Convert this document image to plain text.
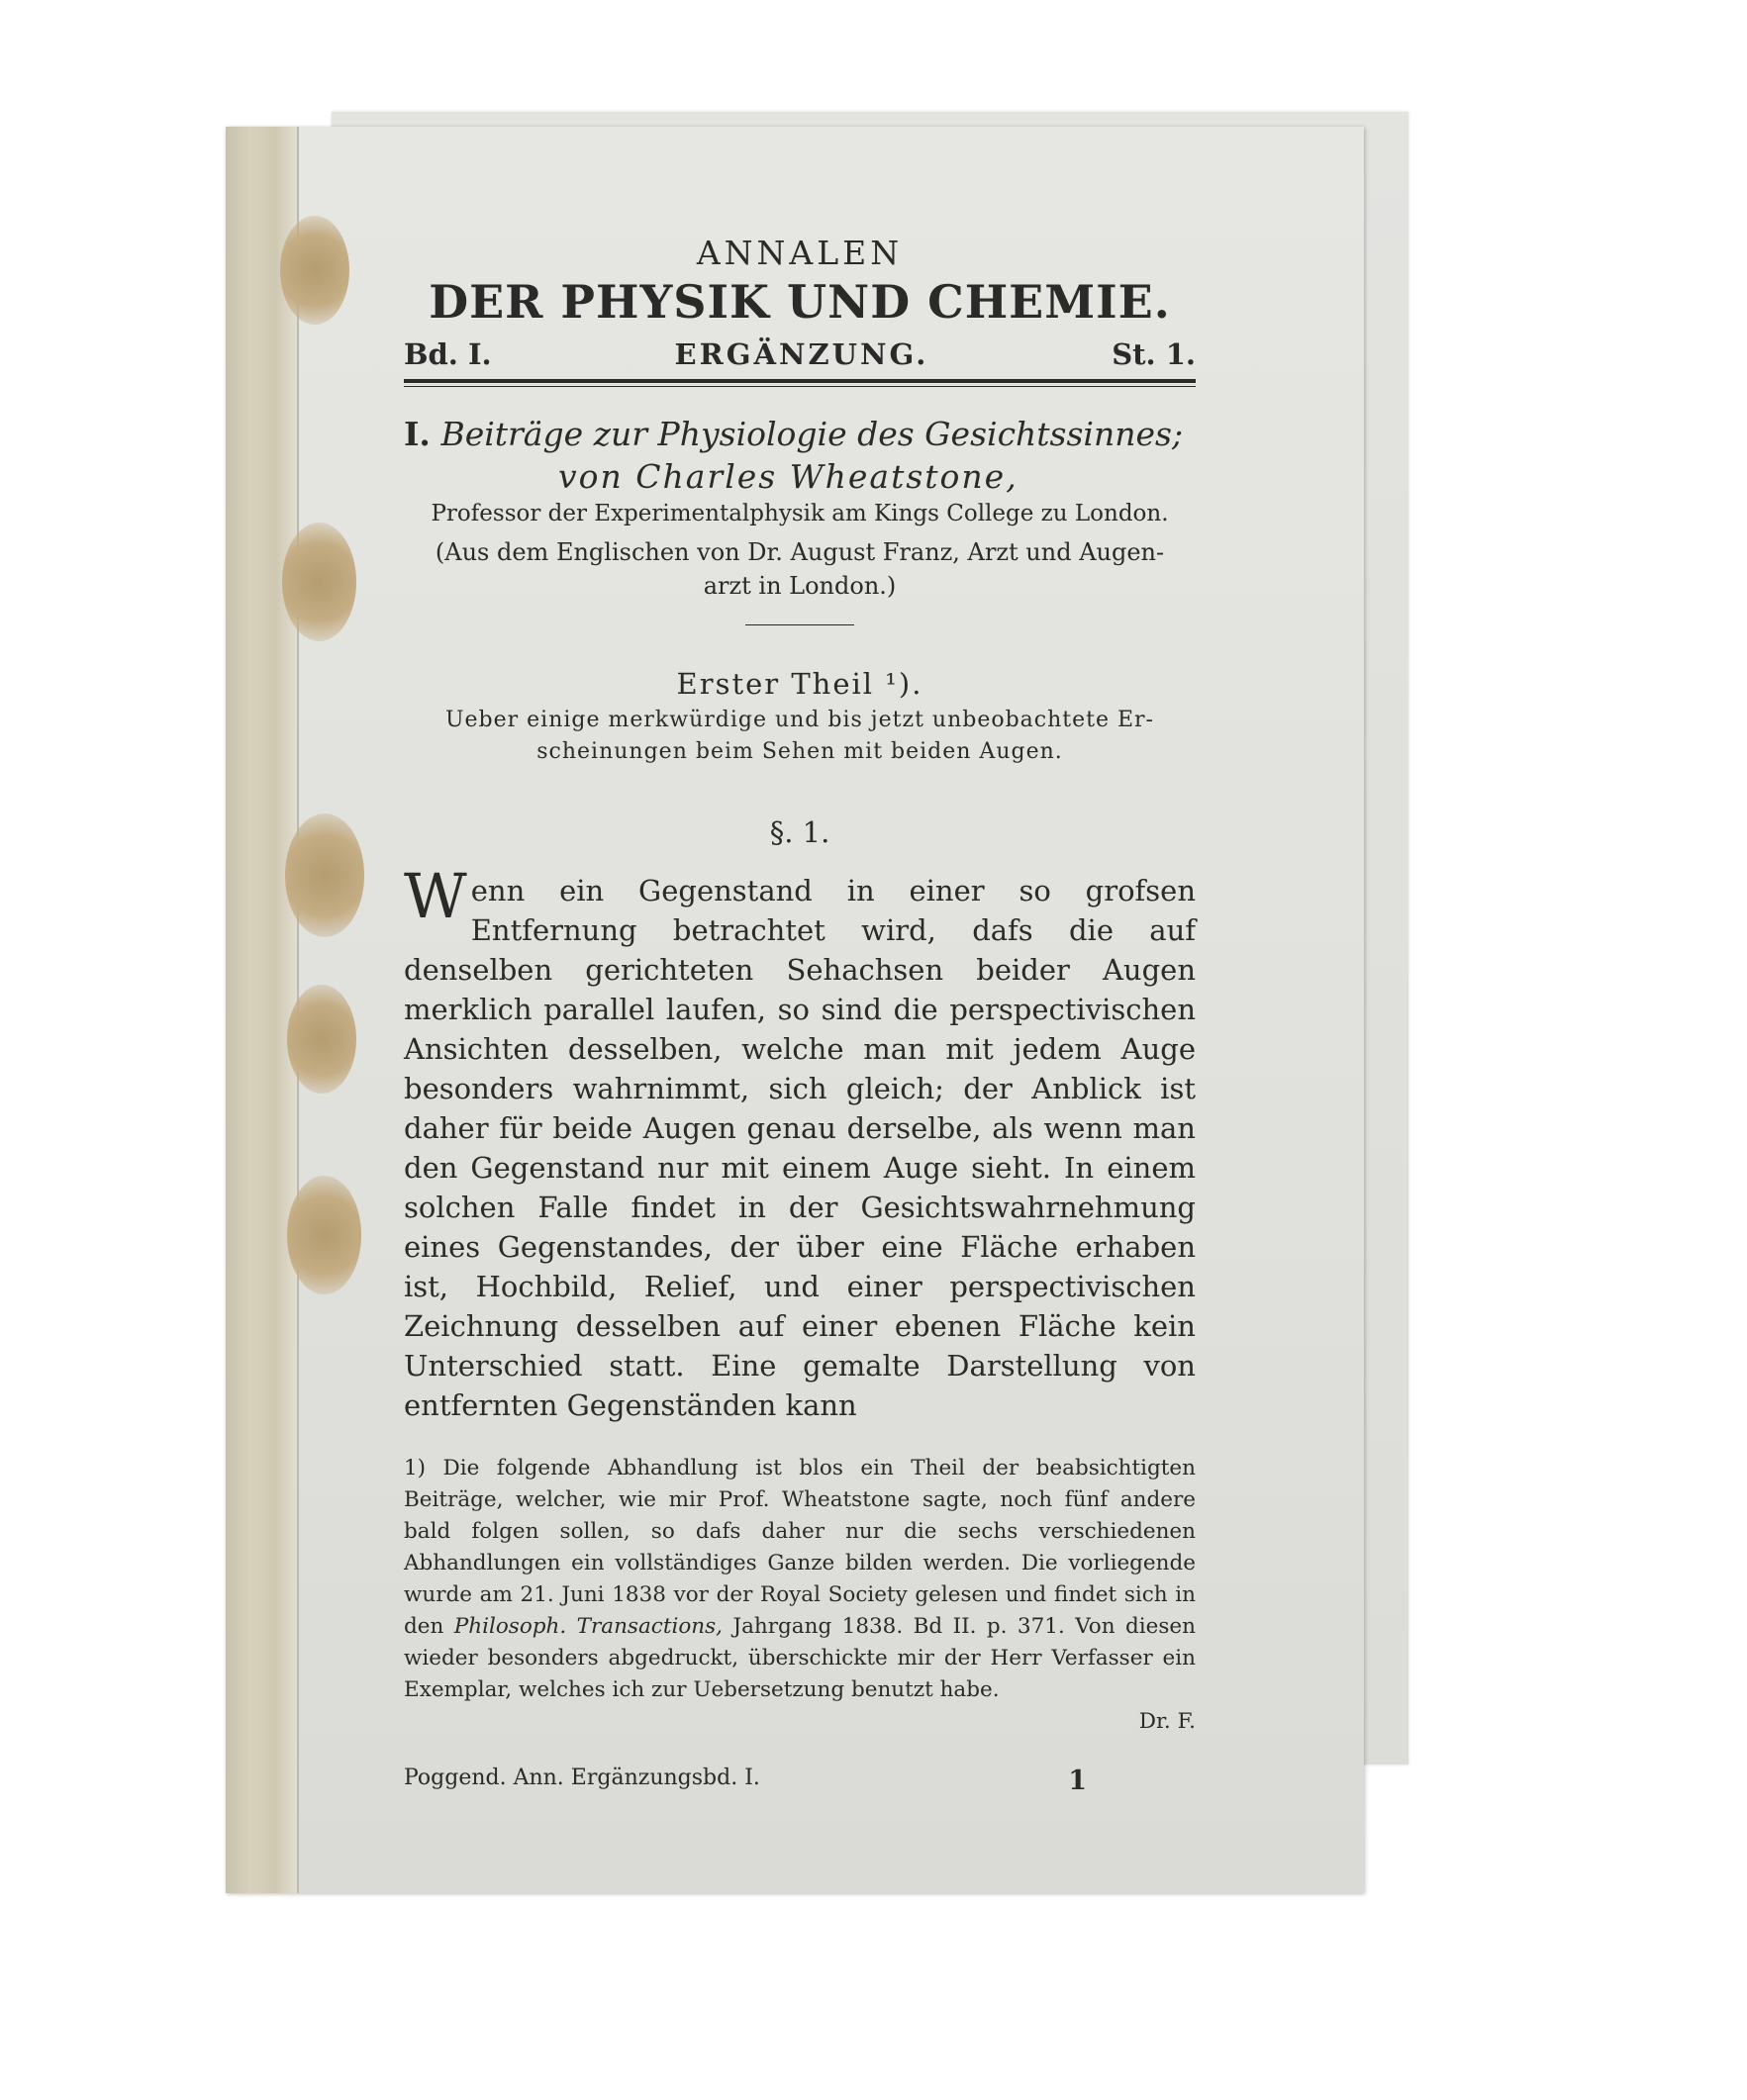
ANNALEN
DER PHYSIK UND CHEMIE.
Bd. I.	ERGÄNZUNG.	St. 1.
I. Beiträge zur Physiologie des Gesichtssinnes;
von Charles Wheatstone,
Professor der Experimentalphysik am Kings College zu London.
(Aus dem Englischen von Dr. August Franz, Arzt und Augen-
arzt in London.)
Erster Theil ¹).
Ueber einige merkwürdige und bis jetzt unbeobachtete Er-
scheinungen beim Sehen mit beiden Augen.
§. 1.
Wenn ein Gegenstand in einer so grofsen Entfernung betrachtet wird, dafs die auf denselben gerichteten Sehachsen beider Augen merklich parallel laufen, so sind die perspectivischen Ansichten desselben, welche man mit jedem Auge besonders wahrnimmt, sich gleich; der Anblick ist daher für beide Augen genau derselbe, als wenn man den Gegenstand nur mit einem Auge sieht. In einem solchen Falle findet in der Gesichtswahrnehmung eines Gegenstandes, der über eine Fläche erhaben ist, Hochbild, Relief, und einer perspectivischen Zeichnung desselben auf einer ebenen Fläche kein Unterschied statt. Eine gemalte Darstellung von entfernten Gegenständen kann
1) Die folgende Abhandlung ist blos ein Theil der beabsichtigten Beiträge, welcher, wie mir Prof. Wheatstone sagte, noch fünf andere bald folgen sollen, so dafs daher nur die sechs verschiedenen Abhandlungen ein vollständiges Ganze bilden werden. Die vorliegende wurde am 21. Juni 1838 vor der Royal Society gelesen und findet sich in den Philosoph. Transactions, Jahrgang 1838. Bd II. p. 371. Von diesen wieder besonders abgedruckt, überschickte mir der Herr Verfasser ein Exemplar, welches ich zur Uebersetzung benutzt habe.
Dr. F.
Poggend. Ann. Ergänzungsbd. I.	1
